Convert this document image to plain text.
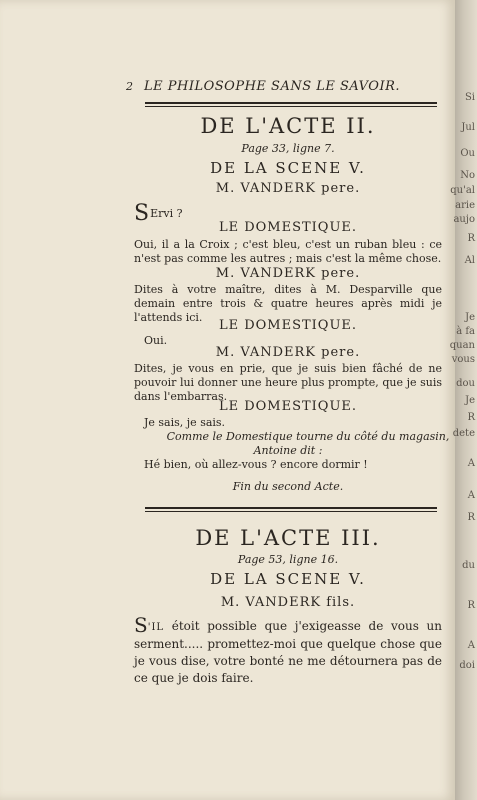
2 LE PHILOSOPHE SANS LE SAVOIR.
DE L'ACTE II.
Page 33, ligne 7.
DE LA SCENE V.
M. VANDERK pere.
SErvi ?
LE DOMESTIQUE.
Oui, il a la Croix ; c'est bleu, c'est un ruban bleu : ce n'est pas comme les autres ; mais c'est la même chose.
M. VANDERK pere.
Dites à votre maître, dites à M. Desparville que demain entre trois & quatre heures après midi je l'attends ici.
LE DOMESTIQUE.
Oui.
M. VANDERK pere.
Dites, je vous en prie, que je suis bien fâché de ne pouvoir lui donner une heure plus prompte, que je suis dans l'embarras.
LE DOMESTIQUE.
Je sais, je sais.
Comme le Domestique tourne du côté du magasin,
Antoine dit :
Hé bien, où allez-vous ? encore dormir !
Fin du second Acte.
DE L'ACTE III.
Page 53, ligne 16.
DE LA SCENE V.
M. VANDERK fils.
S'IL étoit possible que j'exigeasse de vous un serment..... promettez-moi que quelque chose que je vous dise, votre bonté ne me détournera pas de ce que je dois faire.
Si
Jul
Ou
No
qu'al
arie
aujo
R
Al
Je
à fa
quan
vous
dou
Je
R
dete
A
A
R
du
R
A
doi
